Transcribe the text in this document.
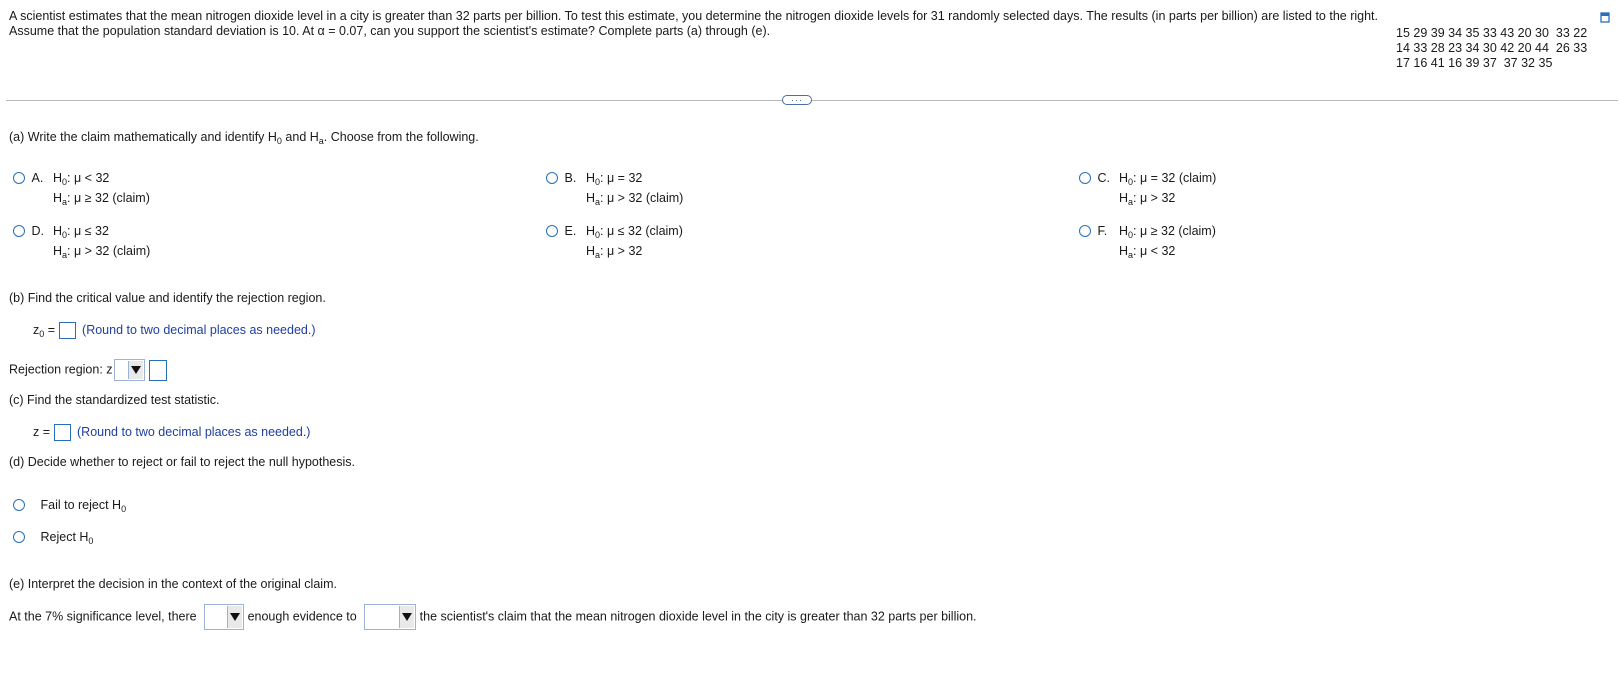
A scientist estimates that the mean nitrogen dioxide level in a city is greater than 32 parts per billion. To test this estimate, you determine the nitrogen dioxide levels for 31 randomly selected days. The results (in parts per billion) are listed to the right. Assume that the population standard deviation is 10. At α = 0.07, can you support the scientist's estimate? Complete parts (a) through (e).	15 29 39 34 35 33 43 20 30  33 22
14 33 28 23 34 30 42 20 44  26 33
17 16 41 16 39 37  37 32 35
···
(a) Write the claim mathematically and identify $H_0$ and $H_a$. Choose from the following.
A. $H_0$: μ < 32
$H_a$: μ ≥ 32 (claim)
B. $H_0$: μ = 32
$H_a$: μ > 32 (claim)
C. $H_0$: μ = 32 (claim)
$H_a$: μ > 32
D. $H_0$: μ ≤ 32
$H_a$: μ > 32 (claim)
E. $H_0$: μ ≤ 32 (claim)
$H_a$: μ > 32
F. $H_0$: μ ≥ 32 (claim)
$H_a$: μ < 32
(b) Find the critical value and identify the rejection region.
$z_0$ = (Round to two decimal places as needed.)
Rejection region: z

(c) Find the standardized test statistic.
z = (Round to two decimal places as needed.)
(d) Decide whether to reject or fail to reject the null hypothesis.
Fail to reject $H_0$
Reject $H_0$
(e) Interpret the decision in the context of the original claim.
At the 7% significance level, there	enough evidence to	the scientist's claim that the mean nitrogen dioxide level in the city is greater than 32 parts per billion.
